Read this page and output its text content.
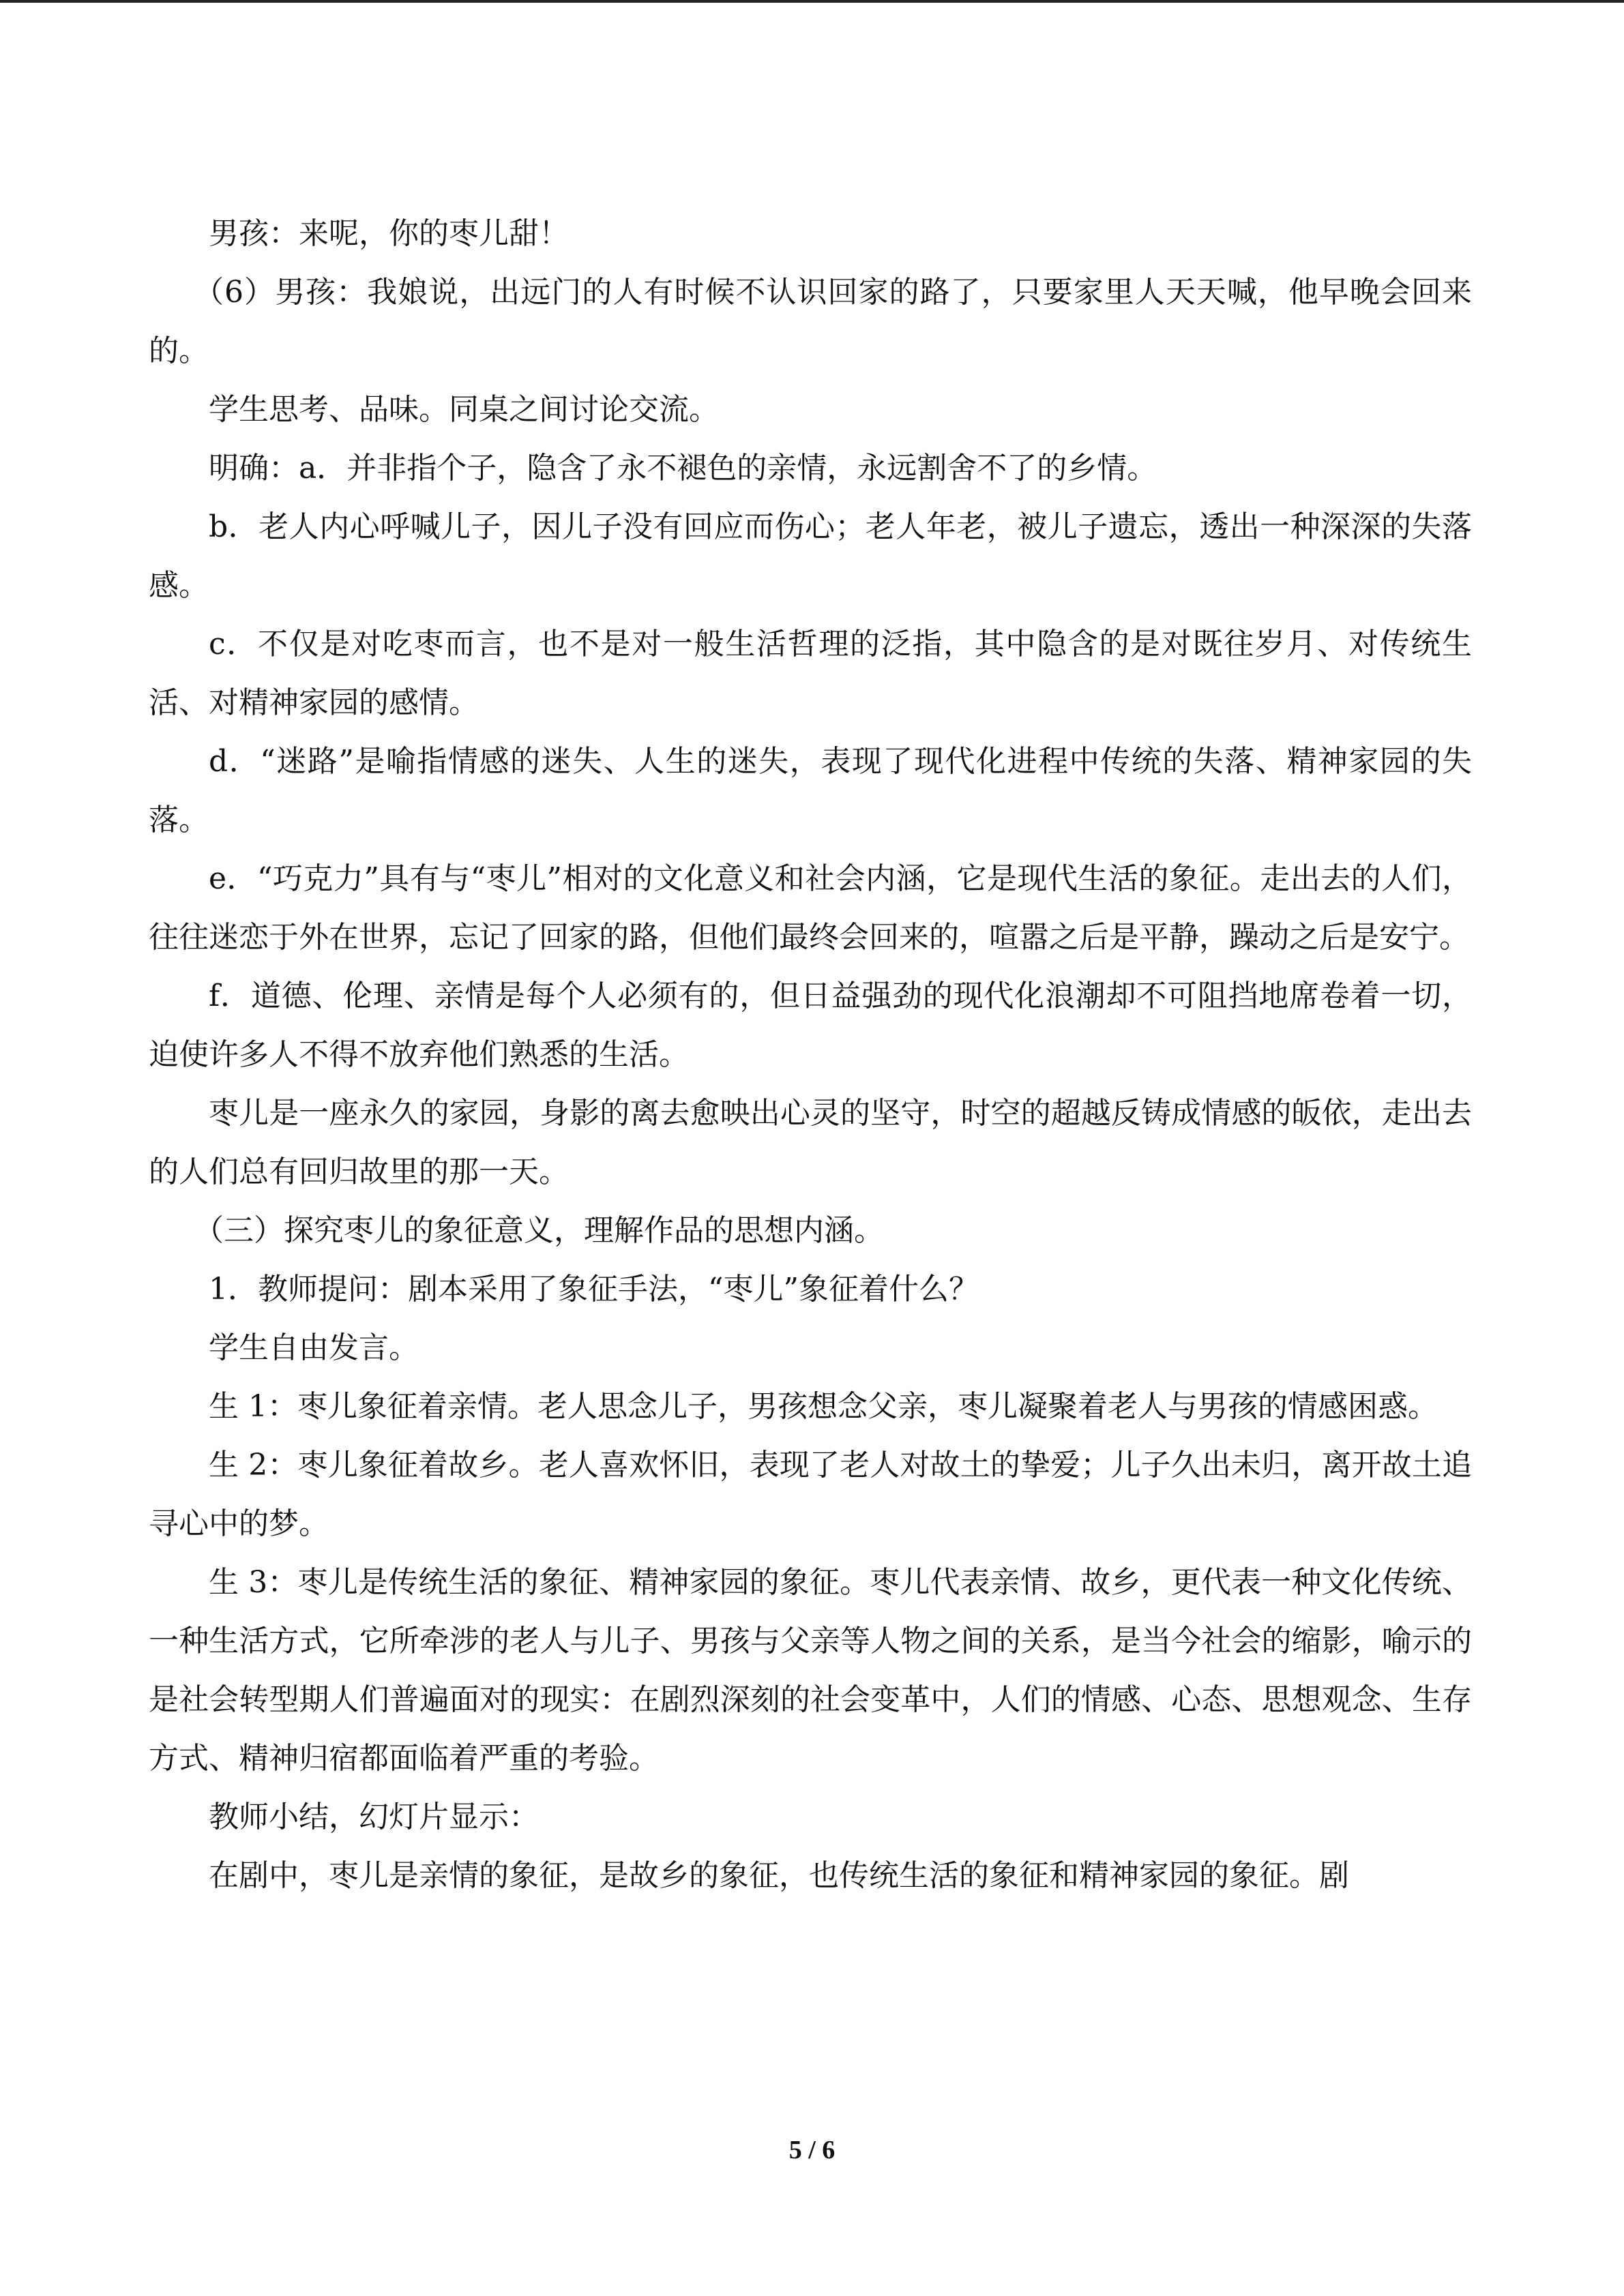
男孩：来呢，你的枣儿甜！

（6）男孩：我娘说，出远门的人有时候不认识回家的路了，只要家里人天天喊，他早晚会回来的。

学生思考、品味。同桌之间讨论交流。

明确：a．并非指个子，隐含了永不褪色的亲情，永远割舍不了的乡情。

b．老人内心呼喊儿子，因儿子没有回应而伤心；老人年老，被儿子遗忘，透出一种深深的失落感。

c．不仅是对吃枣而言，也不是对一般生活哲理的泛指，其中隐含的是对既往岁月、对传统生活、对精神家园的感情。

d．“迷路”是喻指情感的迷失、人生的迷失，表现了现代化进程中传统的失落、精神家园的失落。

e．“巧克力”具有与“枣儿”相对的文化意义和社会内涵，它是现代生活的象征。走出去的人们，往往迷恋于外在世界，忘记了回家的路，但他们最终会回来的，喧嚣之后是平静，躁动之后是安宁。

f．道德、伦理、亲情是每个人必须有的，但日益强劲的现代化浪潮却不可阻挡地席卷着一切，迫使许多人不得不放弃他们熟悉的生活。

枣儿是一座永久的家园，身影的离去愈映出心灵的坚守，时空的超越反铸成情感的皈依，走出去的人们总有回归故里的那一天。

（三）探究枣儿的象征意义，理解作品的思想内涵。

1．教师提问：剧本采用了象征手法，“枣儿”象征着什么？

学生自由发言。

生 1：枣儿象征着亲情。老人思念儿子，男孩想念父亲，枣儿凝聚着老人与男孩的情感困惑。

生 2：枣儿象征着故乡。老人喜欢怀旧，表现了老人对故土的挚爱；儿子久出未归，离开故土追寻心中的梦。

生 3：枣儿是传统生活的象征、精神家园的象征。枣儿代表亲情、故乡，更代表一种文化传统、一种生活方式，它所牵涉的老人与儿子、男孩与父亲等人物之间的关系，是当今社会的缩影，喻示的是社会转型期人们普遍面对的现实：在剧烈深刻的社会变革中，人们的情感、心态、思想观念、生存方式、精神归宿都面临着严重的考验。

教师小结，幻灯片显示：

在剧中，枣儿是亲情的象征，是故乡的象征，也传统生活的象征和精神家园的象征。剧

5 / 6
